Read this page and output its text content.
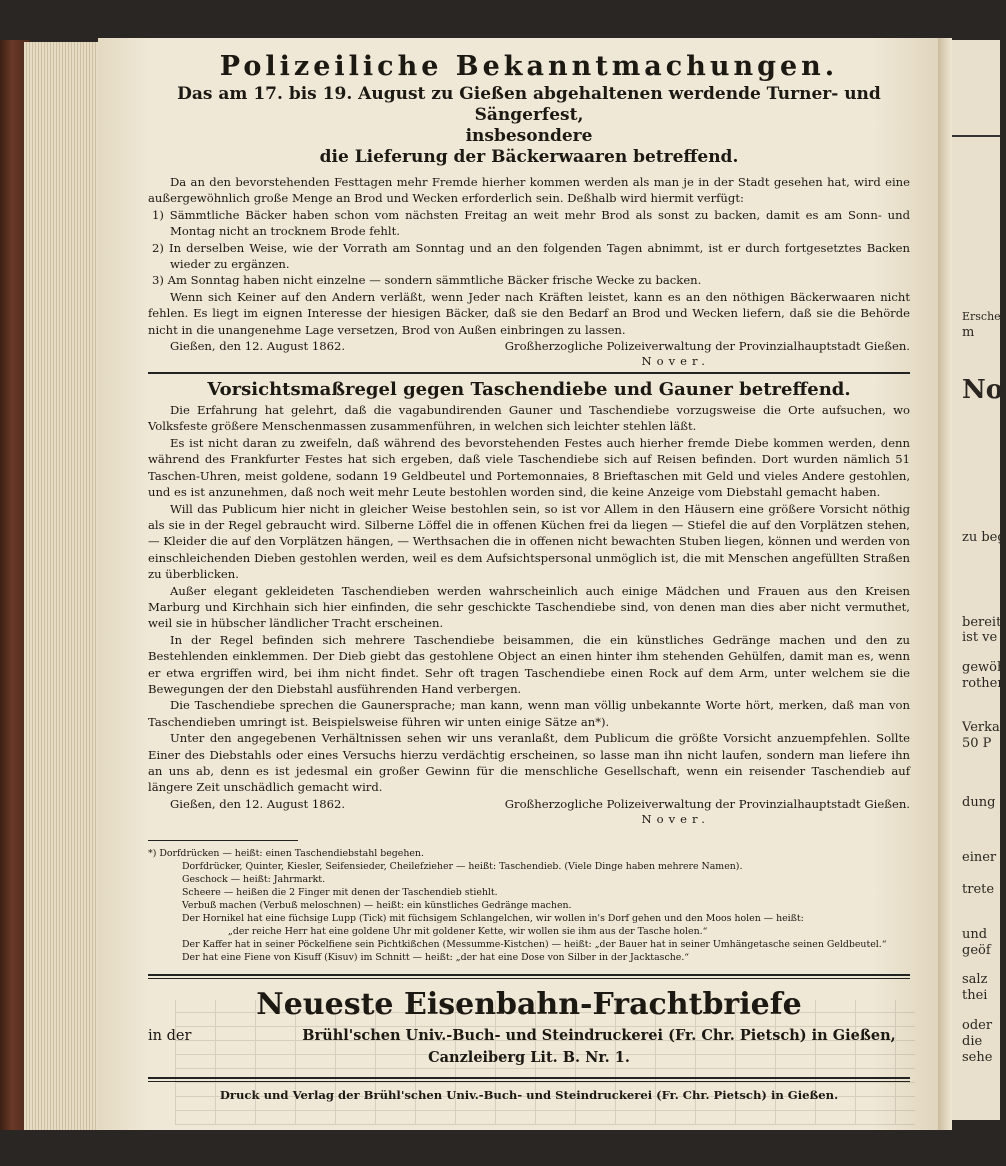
Erschei
m
No
zu beg
bereit
ist ve
gewöh
rother
Verka
50 P
dung
einer
trete
und
geöf
salz
thei
oder
die
sehe
Polizeiliche Bekanntmachungen.
Das am 17. bis 19. August zu Gießen abgehaltenen werdende Turner- und Sängerfest,
insbesondere
die Lieferung der Bäckerwaaren betreffend.

Da an den bevorstehenden Festtagen mehr Fremde hierher kommen werden als man je in der Stadt gesehen hat, wird eine außergewöhnlich große Menge an Brod und Wecken erforderlich sein. Deßhalb wird hiermit verfügt:

1) Sämmtliche Bäcker haben schon vom nächsten Freitag an weit mehr Brod als sonst zu backen, damit es am Sonn- und Montag nicht an trocknem Brode fehlt.

2) In derselben Weise, wie der Vorrath am Sonntag und an den folgenden Tagen abnimmt, ist er durch fortgesetztes Backen wieder zu ergänzen.

3) Am Sonntag haben nicht einzelne — sondern sämmtliche Bäcker frische Wecke zu backen.

Wenn sich Keiner auf den Andern verläßt, wenn Jeder nach Kräften leistet, kann es an den nöthigen Bäckerwaaren nicht fehlen. Es liegt im eignen Interesse der hiesigen Bäcker, daß sie den Bedarf an Brod und Wecken liefern, daß sie die Behörde nicht in die unangenehme Lage versetzen, Brod von Außen einbringen zu lassen.

Gießen, den 12. August 1862.	Großherzogliche Polizeiverwaltung der Provinzialhauptstadt Gießen.
Nover.
Vorsichtsmaßregel gegen Taschendiebe und Gauner betreffend.

Die Erfahrung hat gelehrt, daß die vagabundirenden Gauner und Taschendiebe vorzugsweise die Orte aufsuchen, wo Volksfeste größere Menschenmassen zusammenführen, in welchen sich leichter stehlen läßt.

Es ist nicht daran zu zweifeln, daß während des bevorstehenden Festes auch hierher fremde Diebe kommen werden, denn während des Frankfurter Festes hat sich ergeben, daß viele Taschendiebe sich auf Reisen befinden. Dort wurden nämlich 51 Taschen-Uhren, meist goldene, sodann 19 Geldbeutel und Portemonnaies, 8 Brieftaschen mit Geld und vieles Andere gestohlen, und es ist anzunehmen, daß noch weit mehr Leute bestohlen worden sind, die keine Anzeige vom Diebstahl gemacht haben.

Will das Publicum hier nicht in gleicher Weise bestohlen sein, so ist vor Allem in den Häusern eine größere Vorsicht nöthig als sie in der Regel gebraucht wird. Silberne Löffel die in offenen Küchen frei da liegen — Stiefel die auf den Vorplätzen stehen, — Kleider die auf den Vorplätzen hängen, — Werthsachen die in offenen nicht bewachten Stuben liegen, können und werden von einschleichenden Dieben gestohlen werden, weil es dem Aufsichtspersonal unmöglich ist, die mit Menschen angefüllten Straßen zu überblicken.

Außer elegant gekleideten Taschendieben werden wahrscheinlich auch einige Mädchen und Frauen aus den Kreisen Marburg und Kirchhain sich hier einfinden, die sehr geschickte Taschendiebe sind, von denen man dies aber nicht vermuthet, weil sie in hübscher ländlicher Tracht erscheinen.

In der Regel befinden sich mehrere Taschendiebe beisammen, die ein künstliches Gedränge machen und den zu Bestehlenden einklemmen. Der Dieb giebt das gestohlene Object an einen hinter ihm stehenden Gehülfen, damit man es, wenn er etwa ergriffen wird, bei ihm nicht findet. Sehr oft tragen Taschendiebe einen Rock auf dem Arm, unter welchem sie die Bewegungen der den Diebstahl ausführenden Hand verbergen.

Die Taschendiebe sprechen die Gaunersprache; man kann, wenn man völlig unbekannte Worte hört, merken, daß man von Taschendieben umringt ist. Beispielsweise führen wir unten einige Sätze an*).

Unter den angegebenen Verhältnissen sehen wir uns veranlaßt, dem Publicum die größte Vorsicht anzuempfehlen. Sollte Einer des Diebstahls oder eines Versuchs hierzu verdächtig erscheinen, so lasse man ihn nicht laufen, sondern man liefere ihn an uns ab, denn es ist jedesmal ein großer Gewinn für die menschliche Gesellschaft, wenn ein reisender Taschendieb auf längere Zeit unschädlich gemacht wird.

Gießen, den 12. August 1862.	Großherzogliche Polizeiverwaltung der Provinzialhauptstadt Gießen.
Nover.
*) Dorfdrücken — heißt: einen Taschendiebstahl begehen.
Dorfdrücker, Quinter, Kiesler, Seifensieder, Cheilefzieher — heißt: Taschendieb. (Viele Dinge haben mehrere Namen).
Geschock — heißt: Jahrmarkt.
Scheere — heißen die 2 Finger mit denen der Taschendieb stiehlt.
Verbuß machen (Verbuß meloschnen) — heißt: ein künstliches Gedränge machen.
Der Hornikel hat eine füchsige Lupp (Tick) mit füchsigem Schlangelchen, wir wollen in's Dorf gehen und den Moos holen — heißt:
„der reiche Herr hat eine goldene Uhr mit goldener Kette, wir wollen sie ihm aus der Tasche holen.“
Der Kaffer hat in seiner Pöckelfiene sein Pichtkißchen (Messumme-Kistchen) — heißt: „der Bauer hat in seiner Umhängetasche seinen Geldbeutel.“
Der hat eine Fiene von Kisuff (Kisuv) im Schnitt — heißt: „der hat eine Dose von Silber in der Jacktasche.“
Neueste Eisenbahn-Frachtbriefe
in der	Brühl'schen Univ.-Buch- und Steindruckerei (Fr. Chr. Pietsch) in Gießen,
Canzleiberg Lit. B. Nr. 1.
Druck und Verlag der Brühl'schen Univ.-Buch- und Steindruckerei (Fr. Chr. Pietsch) in Gießen.
